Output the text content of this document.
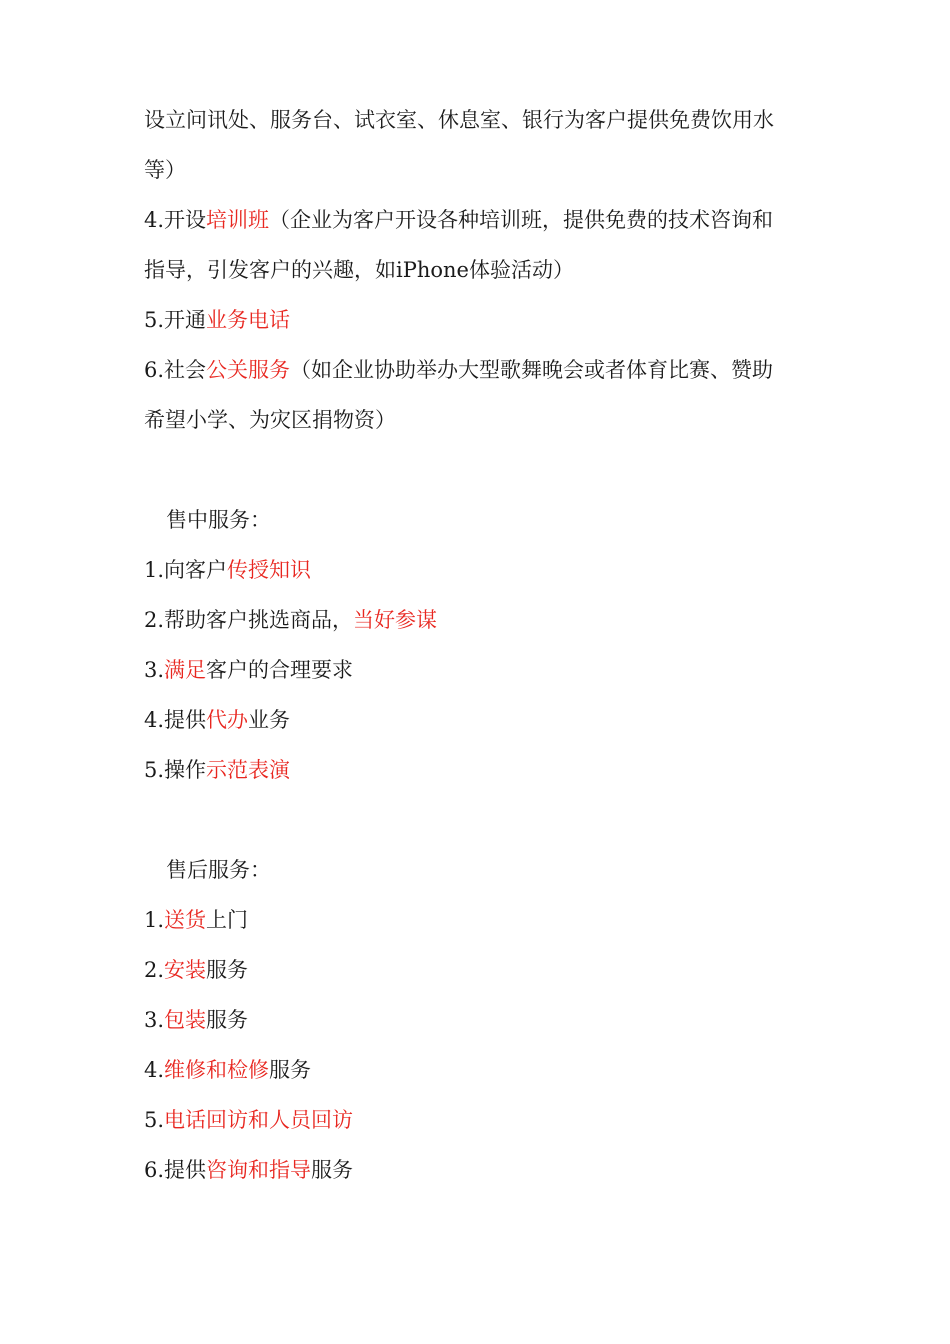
设立问讯处、服务台、试衣室、休息室、银行为客户提供免费饮用水
等）
4.开设培训班（企业为客户开设各种培训班，提供免费的技术咨询和
指导，引发客户的兴趣，如iPhone体验活动）
5.开通业务电话
6.社会公关服务（如企业协助举办大型歌舞晚会或者体育比赛、赞助
希望小学、为灾区捐物资）
售中服务：
1.向客户传授知识
2.帮助客户挑选商品，当好参谋
3.满足客户的合理要求
4.提供代办业务
5.操作示范表演
售后服务：
1.送货上门
2.安装服务
3.包装服务
4.维修和检修服务
5.电话回访和人员回访
6.提供咨询和指导服务
